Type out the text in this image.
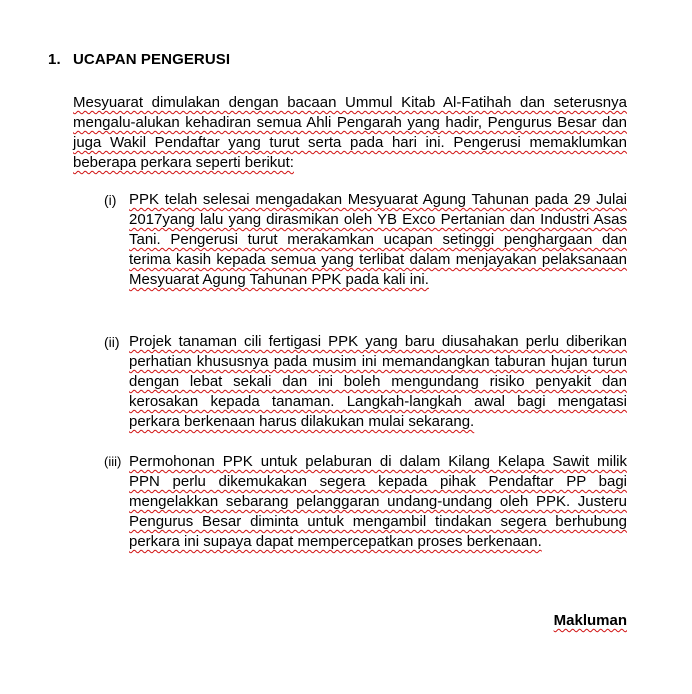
1. UCAPAN PENGERUSI
Mesyuarat dimulakan dengan bacaan Ummul Kitab Al-Fatihah dan seterusnya mengalu-alukan kehadiran semua Ahli Pengarah yang hadir, Pengurus Besar dan juga Wakil Pendaftar yang turut serta pada hari ini. Pengerusi memaklumkan beberapa perkara seperti berikut:
(i) PPK telah selesai mengadakan Mesyuarat Agung Tahunan pada 29 Julai 2017yang lalu yang dirasmikan oleh YB Exco Pertanian dan Industri Asas Tani. Pengerusi turut merakamkan ucapan setinggi penghargaan dan terima kasih kepada semua yang terlibat dalam menjayakan pelaksanaan Mesyuarat Agung Tahunan PPK pada kali ini.
(ii) Projek tanaman cili fertigasi PPK yang baru diusahakan perlu diberikan perhatian khususnya pada musim ini memandangkan taburan hujan turun dengan lebat sekali dan ini boleh mengundang risiko penyakit dan kerosakan kepada tanaman. Langkah-langkah awal bagi mengatasi perkara berkenaan harus dilakukan mulai sekarang.
(iii) Permohonan PPK untuk pelaburan di dalam Kilang Kelapa Sawit milik PPN perlu dikemukakan segera kepada pihak Pendaftar PP bagi mengelakkan sebarang pelanggaran undang-undang oleh PPK. Justeru Pengurus Besar diminta untuk mengambil tindakan segera berhubung perkara ini supaya dapat mempercepatkan proses berkenaan.
Makluman
